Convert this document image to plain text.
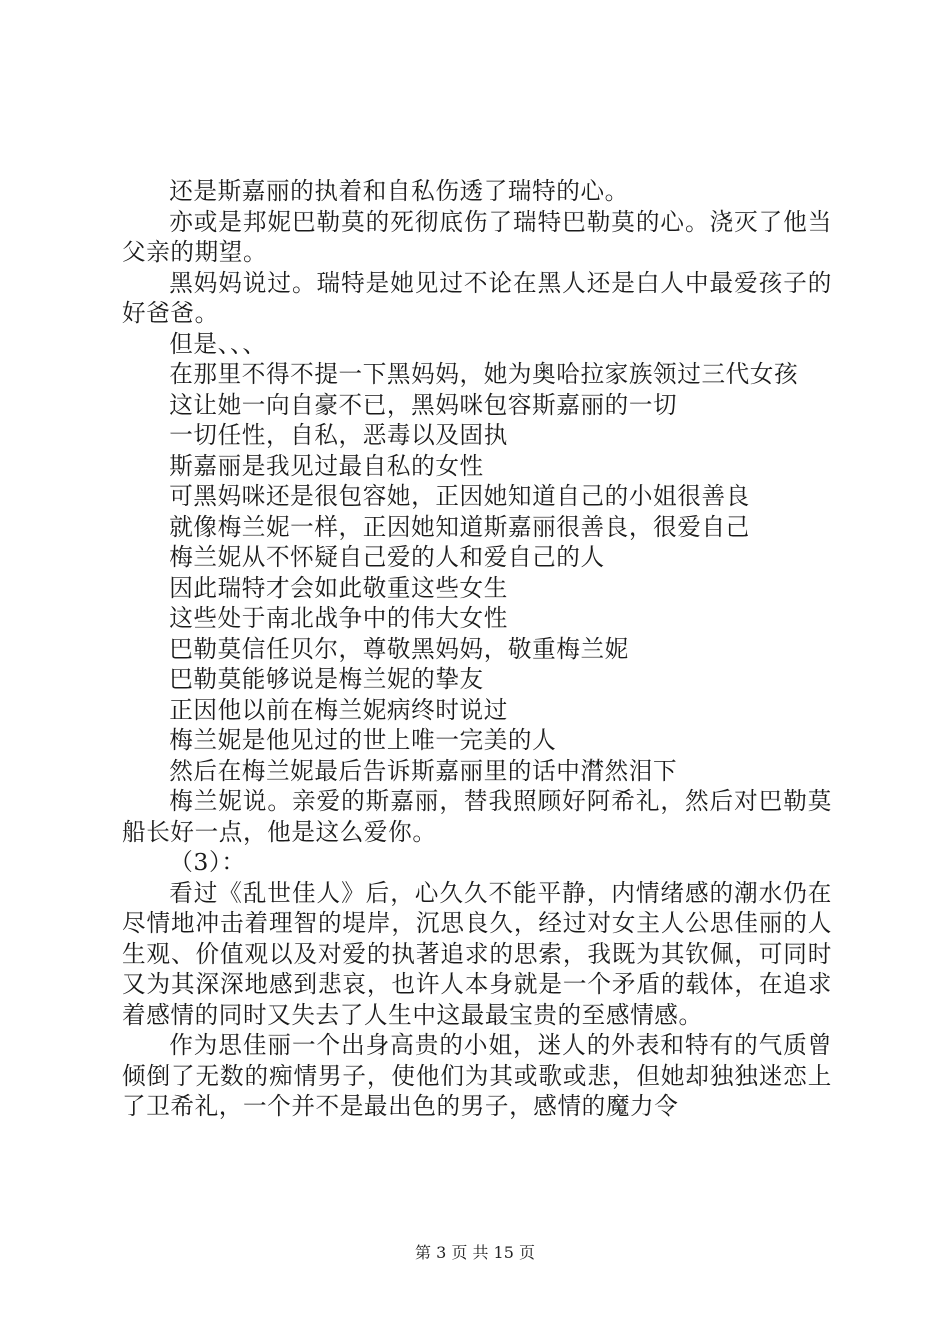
还是斯嘉丽的执着和自私伤透了瑞特的心。

亦或是邦妮巴勒莫的死彻底伤了瑞特巴勒莫的心。浇灭了他当父亲的期望。

黑妈妈说过。瑞特是她见过不论在黑人还是白人中最爱孩子的好爸爸。

但是、、、

在那里不得不提一下黑妈妈，她为奥哈拉家族领过三代女孩

这让她一向自豪不已，黑妈咪包容斯嘉丽的一切

一切任性，自私，恶毒以及固执

斯嘉丽是我见过最自私的女性

可黑妈咪还是很包容她，正因她知道自己的小姐很善良

就像梅兰妮一样，正因她知道斯嘉丽很善良，很爱自己

梅兰妮从不怀疑自己爱的人和爱自己的人

因此瑞特才会如此敬重这些女生

这些处于南北战争中的伟大女性

巴勒莫信任贝尔，尊敬黑妈妈，敬重梅兰妮

巴勒莫能够说是梅兰妮的挚友

正因他以前在梅兰妮病终时说过

梅兰妮是他见过的世上唯一完美的人

然后在梅兰妮最后告诉斯嘉丽里的话中潸然泪下

梅兰妮说。亲爱的斯嘉丽，替我照顾好阿希礼，然后对巴勒莫船长好一点，他是这么爱你。

（3）：

看过《乱世佳人》后，心久久不能平静，内情绪感的潮水仍在尽情地冲击着理智的堤岸，沉思良久，经过对女主人公思佳丽的人生观、价值观以及对爱的执著追求的思索，我既为其钦佩，可同时又为其深深地感到悲哀，也许人本身就是一个矛盾的载体，在追求着感情的同时又失去了人生中这最最宝贵的至感情感。

作为思佳丽一个出身高贵的小姐，迷人的外表和特有的气质曾倾倒了无数的痴情男子，使他们为其或歌或悲，但她却独独迷恋上了卫希礼，一个并不是最出色的男子，感情的魔力令

第 3 页 共 15 页
